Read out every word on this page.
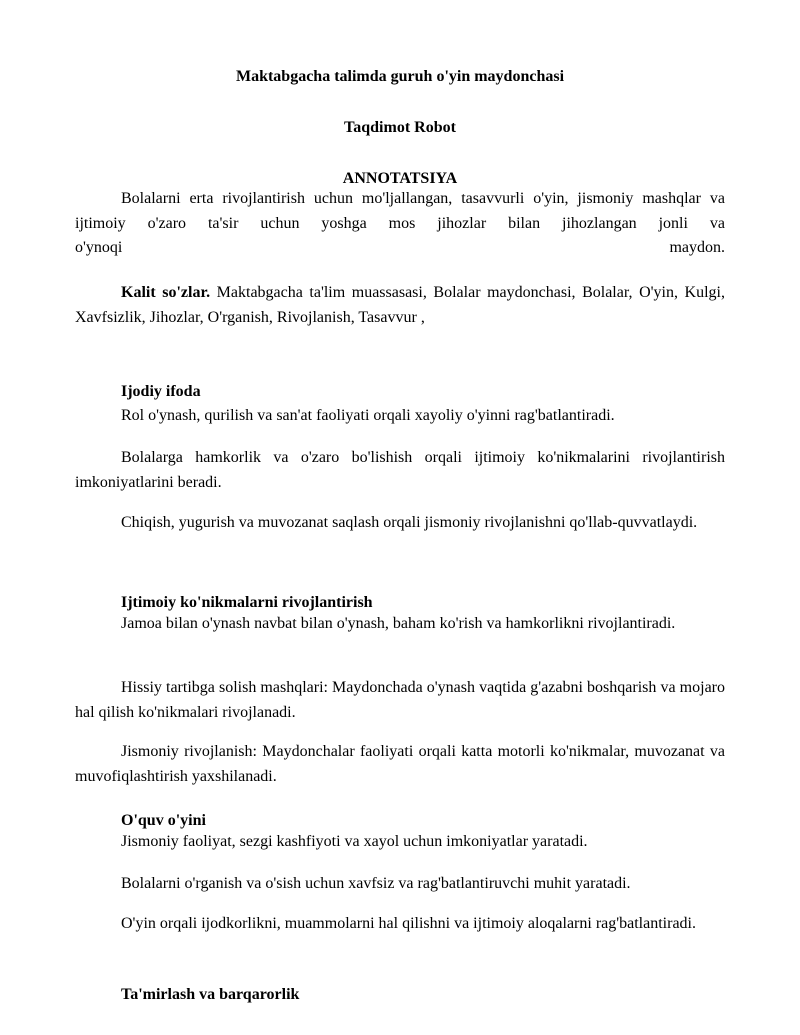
Maktabgacha talimda guruh o'yin maydonchasi

Taqdimot Robot

ANNOTATSIYA

Bolalarni erta rivojlantirish uchun mo'ljallangan, tasavvurli o'yin, jismoniy mashqlar va ijtimoiy o'zaro ta'sir uchun yoshga mos jihozlar bilan jihozlangan jonli va

o'ynoqi	maydon.

Kalit so'zlar. Maktabgacha ta'lim muassasasi, Bolalar maydonchasi, Bolalar, O'yin, Kulgi, Xavfsizlik, Jihozlar, O'rganish, Rivojlanish, Tasavvur ,

Ijodiy ifoda

Rol o'ynash, qurilish va san'at faoliyati orqali xayoliy o'yinni rag'batlantiradi.

Bolalarga hamkorlik va o'zaro bo'lishish orqali ijtimoiy ko'nikmalarini rivojlantirish imkoniyatlarini beradi.

Chiqish, yugurish va muvozanat saqlash orqali jismoniy rivojlanishni qo'llab-quvvatlaydi.

Ijtimoiy ko'nikmalarni rivojlantirish

Jamoa bilan o'ynash navbat bilan o'ynash, baham ko'rish va hamkorlikni rivojlantiradi.

Hissiy tartibga solish mashqlari: Maydonchada o'ynash vaqtida g'azabni boshqarish va mojaro hal qilish ko'nikmalari rivojlanadi.

Jismoniy rivojlanish: Maydonchalar faoliyati orqali katta motorli ko'nikmalar, muvozanat va muvofiqlashtirish yaxshilanadi.

O'quv o'yini

Jismoniy faoliyat, sezgi kashfiyoti va xayol uchun imkoniyatlar yaratadi.

Bolalarni o'rganish va o'sish uchun xavfsiz va rag'batlantiruvchi muhit yaratadi.

O'yin orqali ijodkorlikni, muammolarni hal qilishni va ijtimoiy aloqalarni rag'batlantiradi.

Ta'mirlash va barqarorlik
